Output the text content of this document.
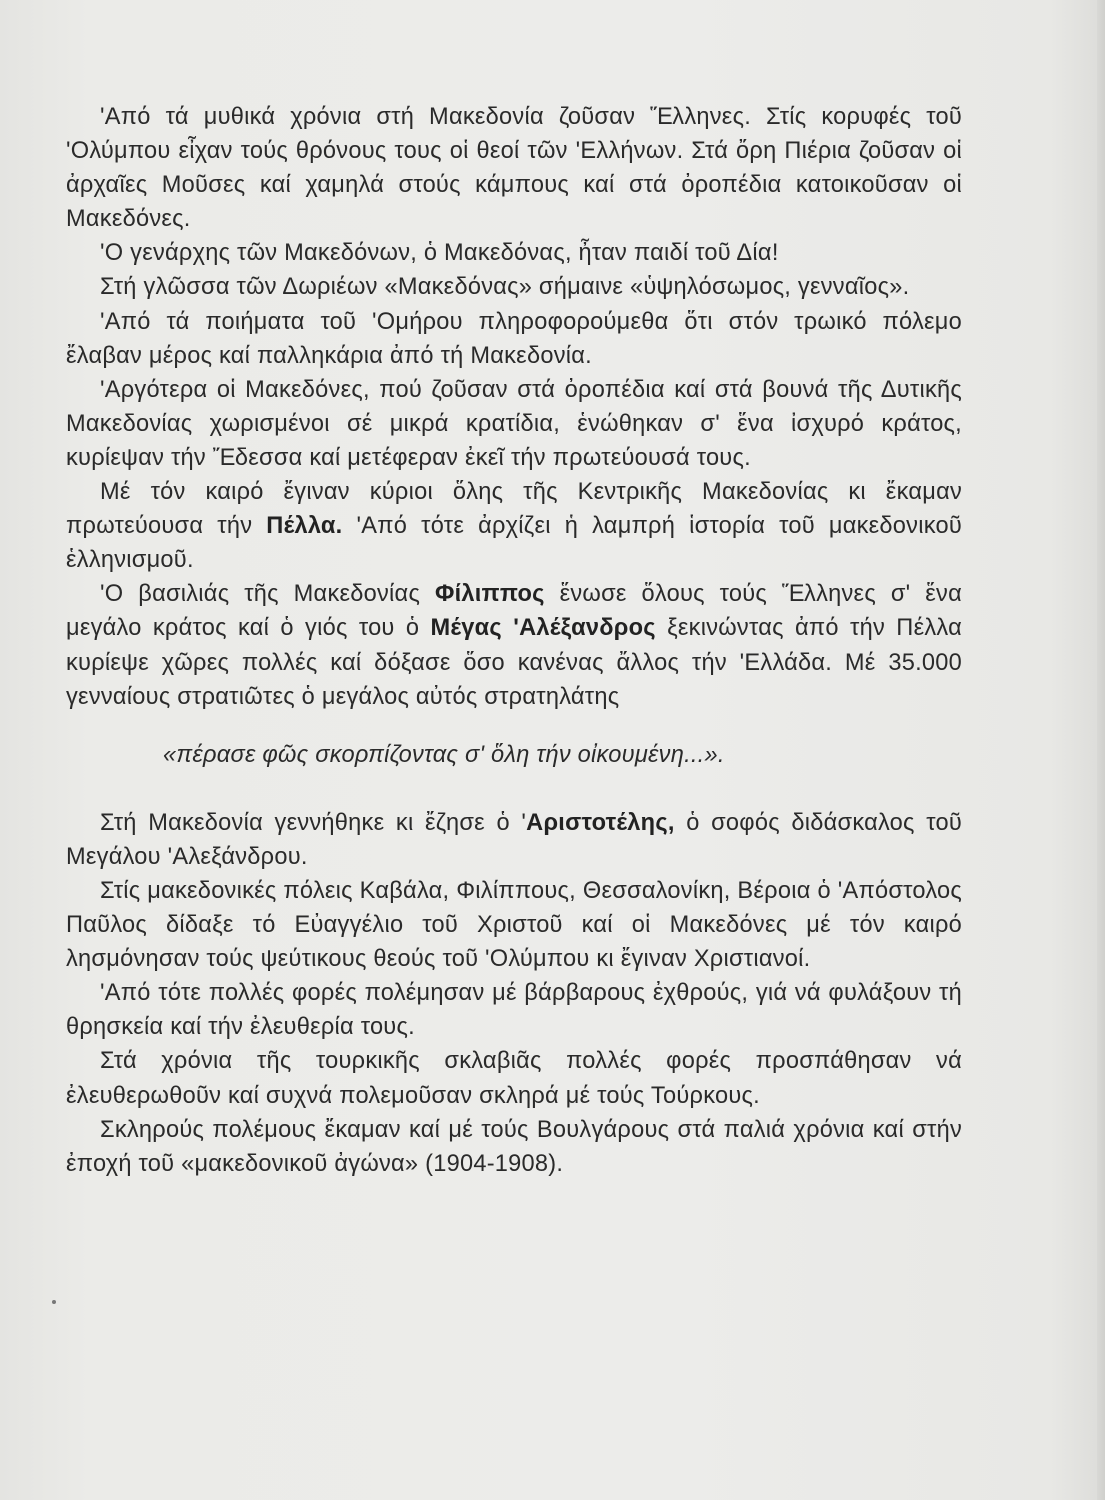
'Από τά μυθικά χρόνια στή Μακεδονία ζοῦσαν Ἕλληνες. Στίς κορυφές τοῦ 'Ολύμπου εἶχαν τούς θρόνους τους οἱ θεοί τῶν 'Ελλήνων. Στά ὄρη Πιέρια ζοῦσαν οἱ ἀρχαῖες Μοῦσες καί χαμηλά στούς κάμπους καί στά ὀροπέδια κατοικοῦσαν οἱ Μακεδόνες.

'Ο γενάρχης τῶν Μακεδόνων, ὁ Μακεδόνας, ἦταν παιδί τοῦ Δία!

Στή γλῶσσα τῶν Δωριέων «Μακεδόνας» σήμαινε «ὑψηλόσωμος, γενναῖος».

'Από τά ποιήματα τοῦ 'Ομήρου πληροφορούμεθα ὅτι στόν τρωικό πόλεμο ἔλαβαν μέρος καί παλληκάρια ἀπό τή Μακεδονία.

'Αργότερα οἱ Μακεδόνες, πού ζοῦσαν στά ὀροπέδια καί στά βουνά τῆς Δυτικῆς Μακεδονίας χωρισμένοι σέ μικρά κρατίδια, ἑνώθηκαν σ' ἕνα ἰσχυρό κράτος, κυρίεψαν τήν Ἔδεσσα καί μετέφεραν ἐκεῖ τήν πρωτεύουσά τους.

Μέ τόν καιρό ἔγιναν κύριοι ὅλης τῆς Κεντρικῆς Μακεδονίας κι ἔκαμαν πρωτεύουσα τήν Πέλλα. 'Από τότε ἀρχίζει ἡ λαμπρή ἱστορία τοῦ μακεδονικοῦ ἑλληνισμοῦ.

'Ο βασιλιάς τῆς Μακεδονίας Φίλιππος ἕνωσε ὅλους τούς Ἕλληνες σ' ἕνα μεγάλο κράτος καί ὁ γιός του ὁ Μέγας 'Αλέξανδρος ξεκινώντας ἀπό τήν Πέλλα κυρίεψε χῶρες πολλές καί δόξασε ὅσο κανένας ἄλλος τήν 'Ελλάδα. Μέ 35.000 γενναίους στρατιῶτες ὁ μεγάλος αὐτός στρατηλάτης

«πέρασε φῶς σκορπίζοντας σ' ὅλη τήν οἰκουμένη...».

Στή Μακεδονία γεννήθηκε κι ἔζησε ὁ 'Αριστοτέλης, ὁ σοφός διδάσκαλος τοῦ Μεγάλου 'Αλεξάνδρου.

Στίς μακεδονικές πόλεις Καβάλα, Φιλίππους, Θεσσαλονίκη, Βέροια ὁ 'Απόστολος Παῦλος δίδαξε τό Εὐαγγέλιο τοῦ Χριστοῦ καί οἱ Μακεδόνες μέ τόν καιρό λησμόνησαν τούς ψεύτικους θεούς τοῦ 'Ολύμπου κι ἔγιναν Χριστιανοί.

'Από τότε πολλές φορές πολέμησαν μέ βάρβαρους ἐχθρούς, γιά νά φυλάξουν τή θρησκεία καί τήν ἐλευθερία τους.

Στά χρόνια τῆς τουρκικῆς σκλαβιᾶς πολλές φορές προσπάθησαν νά ἐλευθερωθοῦν καί συχνά πολεμοῦσαν σκληρά μέ τούς Τούρκους.

Σκληρούς πολέμους ἔκαμαν καί μέ τούς Βουλγάρους στά παλιά χρόνια καί στήν ἐποχή τοῦ «μακεδονικοῦ ἀγώνα» (1904-1908).
